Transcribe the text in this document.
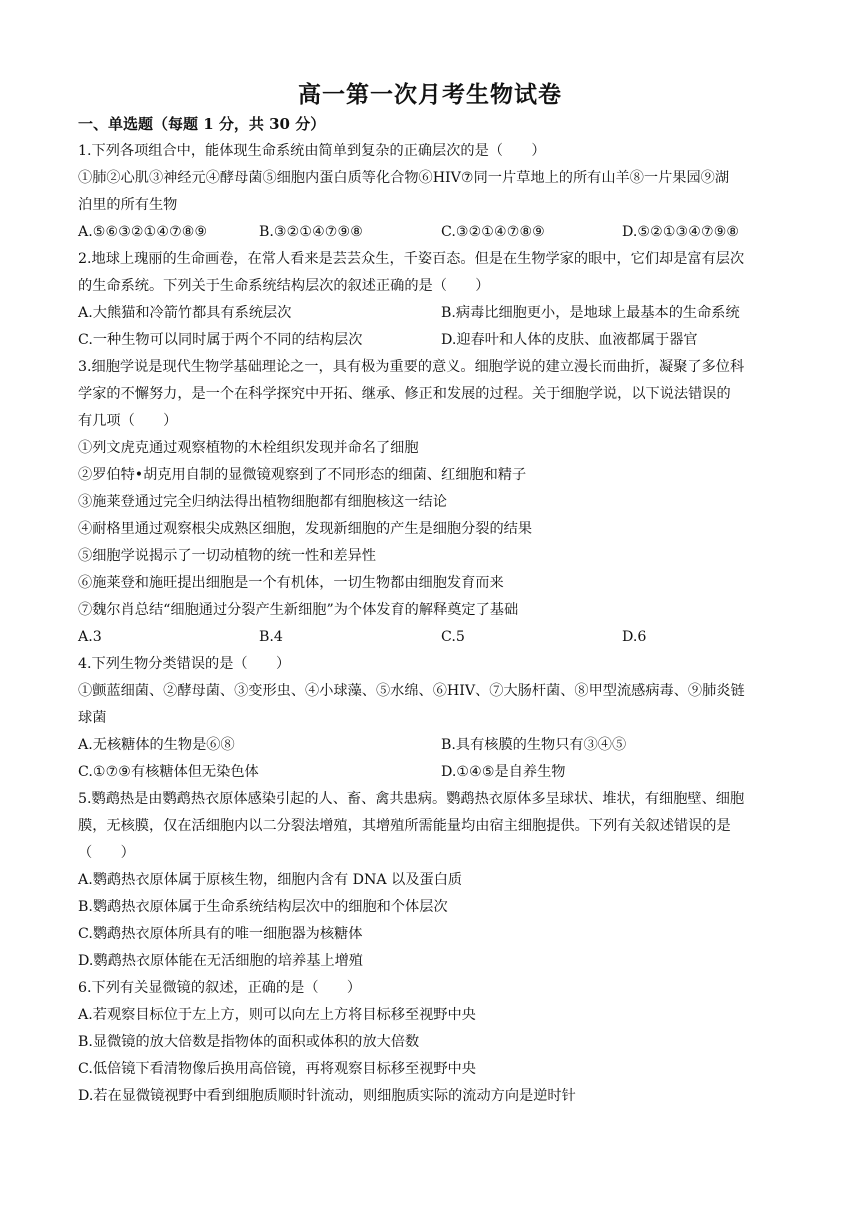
高一第一次月考生物试卷
一、单选题（每题 1 分，共 30 分）
1.下列各项组合中，能体现生命系统由简单到复杂的正确层次的是（　　）
①肺②心肌③神经元④酵母菌⑤细胞内蛋白质等化合物⑥HIV⑦同一片草地上的所有山羊⑧一片果园⑨湖
泊里的所有生物
A.⑤⑥③②①④⑦⑧⑨	B.③②①④⑦⑨⑧	C.③②①④⑦⑧⑨	D.⑤②①③④⑦⑨⑧
2.地球上瑰丽的生命画卷，在常人看来是芸芸众生，千姿百态。但是在生物学家的眼中，它们却是富有层次
的生命系统。下列关于生命系统结构层次的叙述正确的是（　　）
A.大熊猫和冷箭竹都具有系统层次	B.病毒比细胞更小，是地球上最基本的生命系统
C.一种生物可以同时属于两个不同的结构层次	D.迎春叶和人体的皮肤、血液都属于器官
3.细胞学说是现代生物学基础理论之一，具有极为重要的意义。细胞学说的建立漫长而曲折，凝聚了多位科
学家的不懈努力，是一个在科学探究中开拓、继承、修正和发展的过程。关于细胞学说，以下说法错误的
有几项（　　）
①列文虎克通过观察植物的木栓组织发现并命名了细胞
②罗伯特•胡克用自制的显微镜观察到了不同形态的细菌、红细胞和精子
③施莱登通过完全归纳法得出植物细胞都有细胞核这一结论
④耐格里通过观察根尖成熟区细胞，发现新细胞的产生是细胞分裂的结果
⑤细胞学说揭示了一切动植物的统一性和差异性
⑥施莱登和施旺提出细胞是一个有机体，一切生物都由细胞发育而来
⑦魏尔肖总结“细胞通过分裂产生新细胞”为个体发育的解释奠定了基础
A.3	B.4	C.5	D.6
4.下列生物分类错误的是（　　）
①颤蓝细菌、②酵母菌、③变形虫、④小球藻、⑤水绵、⑥HIV、⑦大肠杆菌、⑧甲型流感病毒、⑨肺炎链
球菌
A.无核糖体的生物是⑥⑧	B.具有核膜的生物只有③④⑤
C.①⑦⑨有核糖体但无染色体	D.①④⑤是自养生物
5.鹦鹉热是由鹦鹉热衣原体感染引起的人、畜、禽共患病。鹦鹉热衣原体多呈球状、堆状，有细胞壁、细胞
膜，无核膜，仅在活细胞内以二分裂法增殖，其增殖所需能量均由宿主细胞提供。下列有关叙述错误的是
（　　）
A.鹦鹉热衣原体属于原核生物，细胞内含有 DNA 以及蛋白质
B.鹦鹉热衣原体属于生命系统结构层次中的细胞和个体层次
C.鹦鹉热衣原体所具有的唯一细胞器为核糖体
D.鹦鹉热衣原体能在无活细胞的培养基上增殖
6.下列有关显微镜的叙述，正确的是（　　）
A.若观察目标位于左上方，则可以向左上方将目标移至视野中央
B.显微镜的放大倍数是指物体的面积或体积的放大倍数
C.低倍镜下看清物像后换用高倍镜，再将观察目标移至视野中央
D.若在显微镜视野中看到细胞质顺时针流动，则细胞质实际的流动方向是逆时针
